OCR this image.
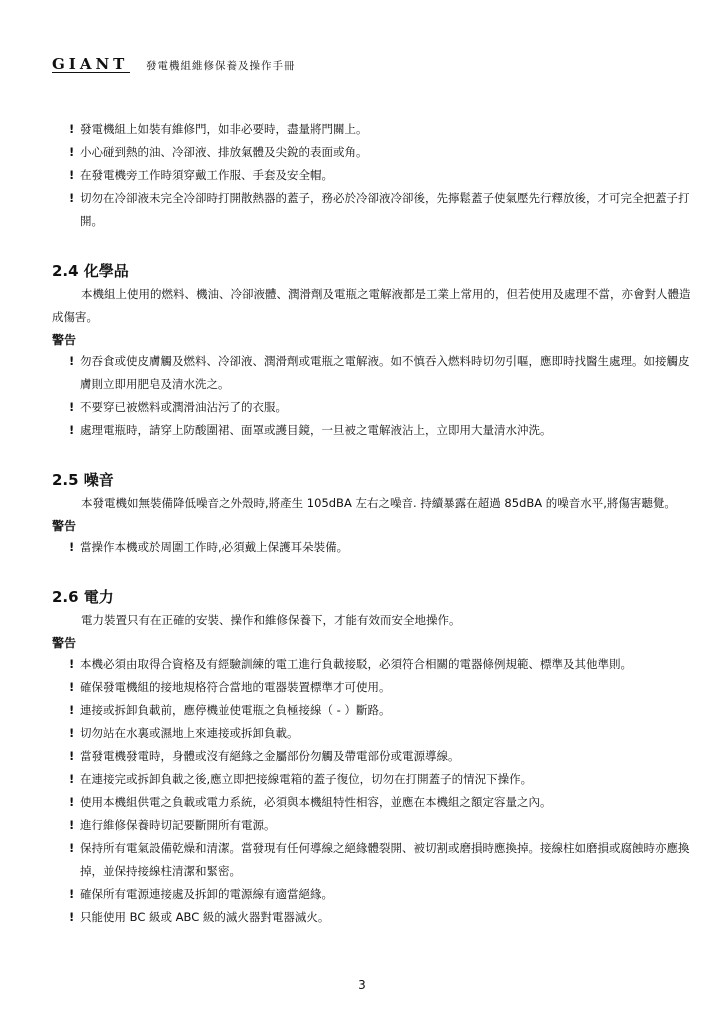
GIANT 發電機組維修保養及操作手冊
! 發電機組上如裝有維修門，如非必要時，盡量將門關上。
! 小心碰到熱的油、冷卻液、排放氣體及尖銳的表面或角。
! 在發電機旁工作時須穿戴工作服、手套及安全帽。
! 切勿在冷卻液未完全冷卻時打開散熱器的蓋子，務必於冷卻液冷卻後，先擰鬆蓋子使氣壓先行釋放後，才可完全把蓋子打開。
2.4 化學品
本機組上使用的燃料、機油、冷卻液體、潤滑劑及電瓶之電解液都是工業上常用的，但若使用及處理不當，亦會對人體造成傷害。
警告
! 勿吞食或使皮膚觸及燃料、冷卻液、潤滑劑或電瓶之電解液。如不慎吞入燃料時切勿引嘔，應即時找醫生處理。如接觸皮膚則立即用肥皂及清水洗之。
! 不要穿已被燃料或潤滑油沾污了的衣服。
! 處理電瓶時，請穿上防酸圍裙、面罩或護目鏡，一旦被之電解液沾上，立即用大量清水沖洗。
2.5 噪音
本發電機如無裝備降低噪音之外殼時,將產生 105dBA 左右之噪音. 持續暴露在超過 85dBA 的噪音水平,將傷害聽覺。
警告
! 當操作本機或於周圍工作時,必須戴上保護耳朵裝備。
2.6 電力
電力裝置只有在正確的安裝、操作和維修保養下，才能有效而安全地操作。
警告
! 本機必須由取得合資格及有經驗訓練的電工進行負載接駁，必須符合相關的電器條例規範、標準及其他準則。
! 確保發電機組的接地規格符合當地的電器裝置標準才可使用。
! 連接或拆卸負載前，應停機並使電瓶之負極接線（ - ）斷路。
! 切勿站在水裏或濕地上來連接或拆卸負載。
! 當發電機發電時，身體或沒有絕緣之金屬部份勿觸及帶電部份或電源導線。
! 在連接完或拆卸負載之後,應立即把接線電箱的蓋子復位，切勿在打開蓋子的情況下操作。
! 使用本機組供電之負載或電力系統，必須與本機組特性相容，並應在本機組之額定容量之內。
! 進行維修保養時切記要斷開所有電源。
! 保持所有電氣設備乾燥和清潔。當發現有任何導線之絕緣體裂開、被切割或磨損時應換掉。接線柱如磨損或腐蝕時亦應換掉，並保持接線柱清潔和緊密。
! 確保所有電源連接處及拆卸的電源線有適當絕緣。
! 只能使用 BC 級或 ABC 級的滅火器對電器滅火。
3
